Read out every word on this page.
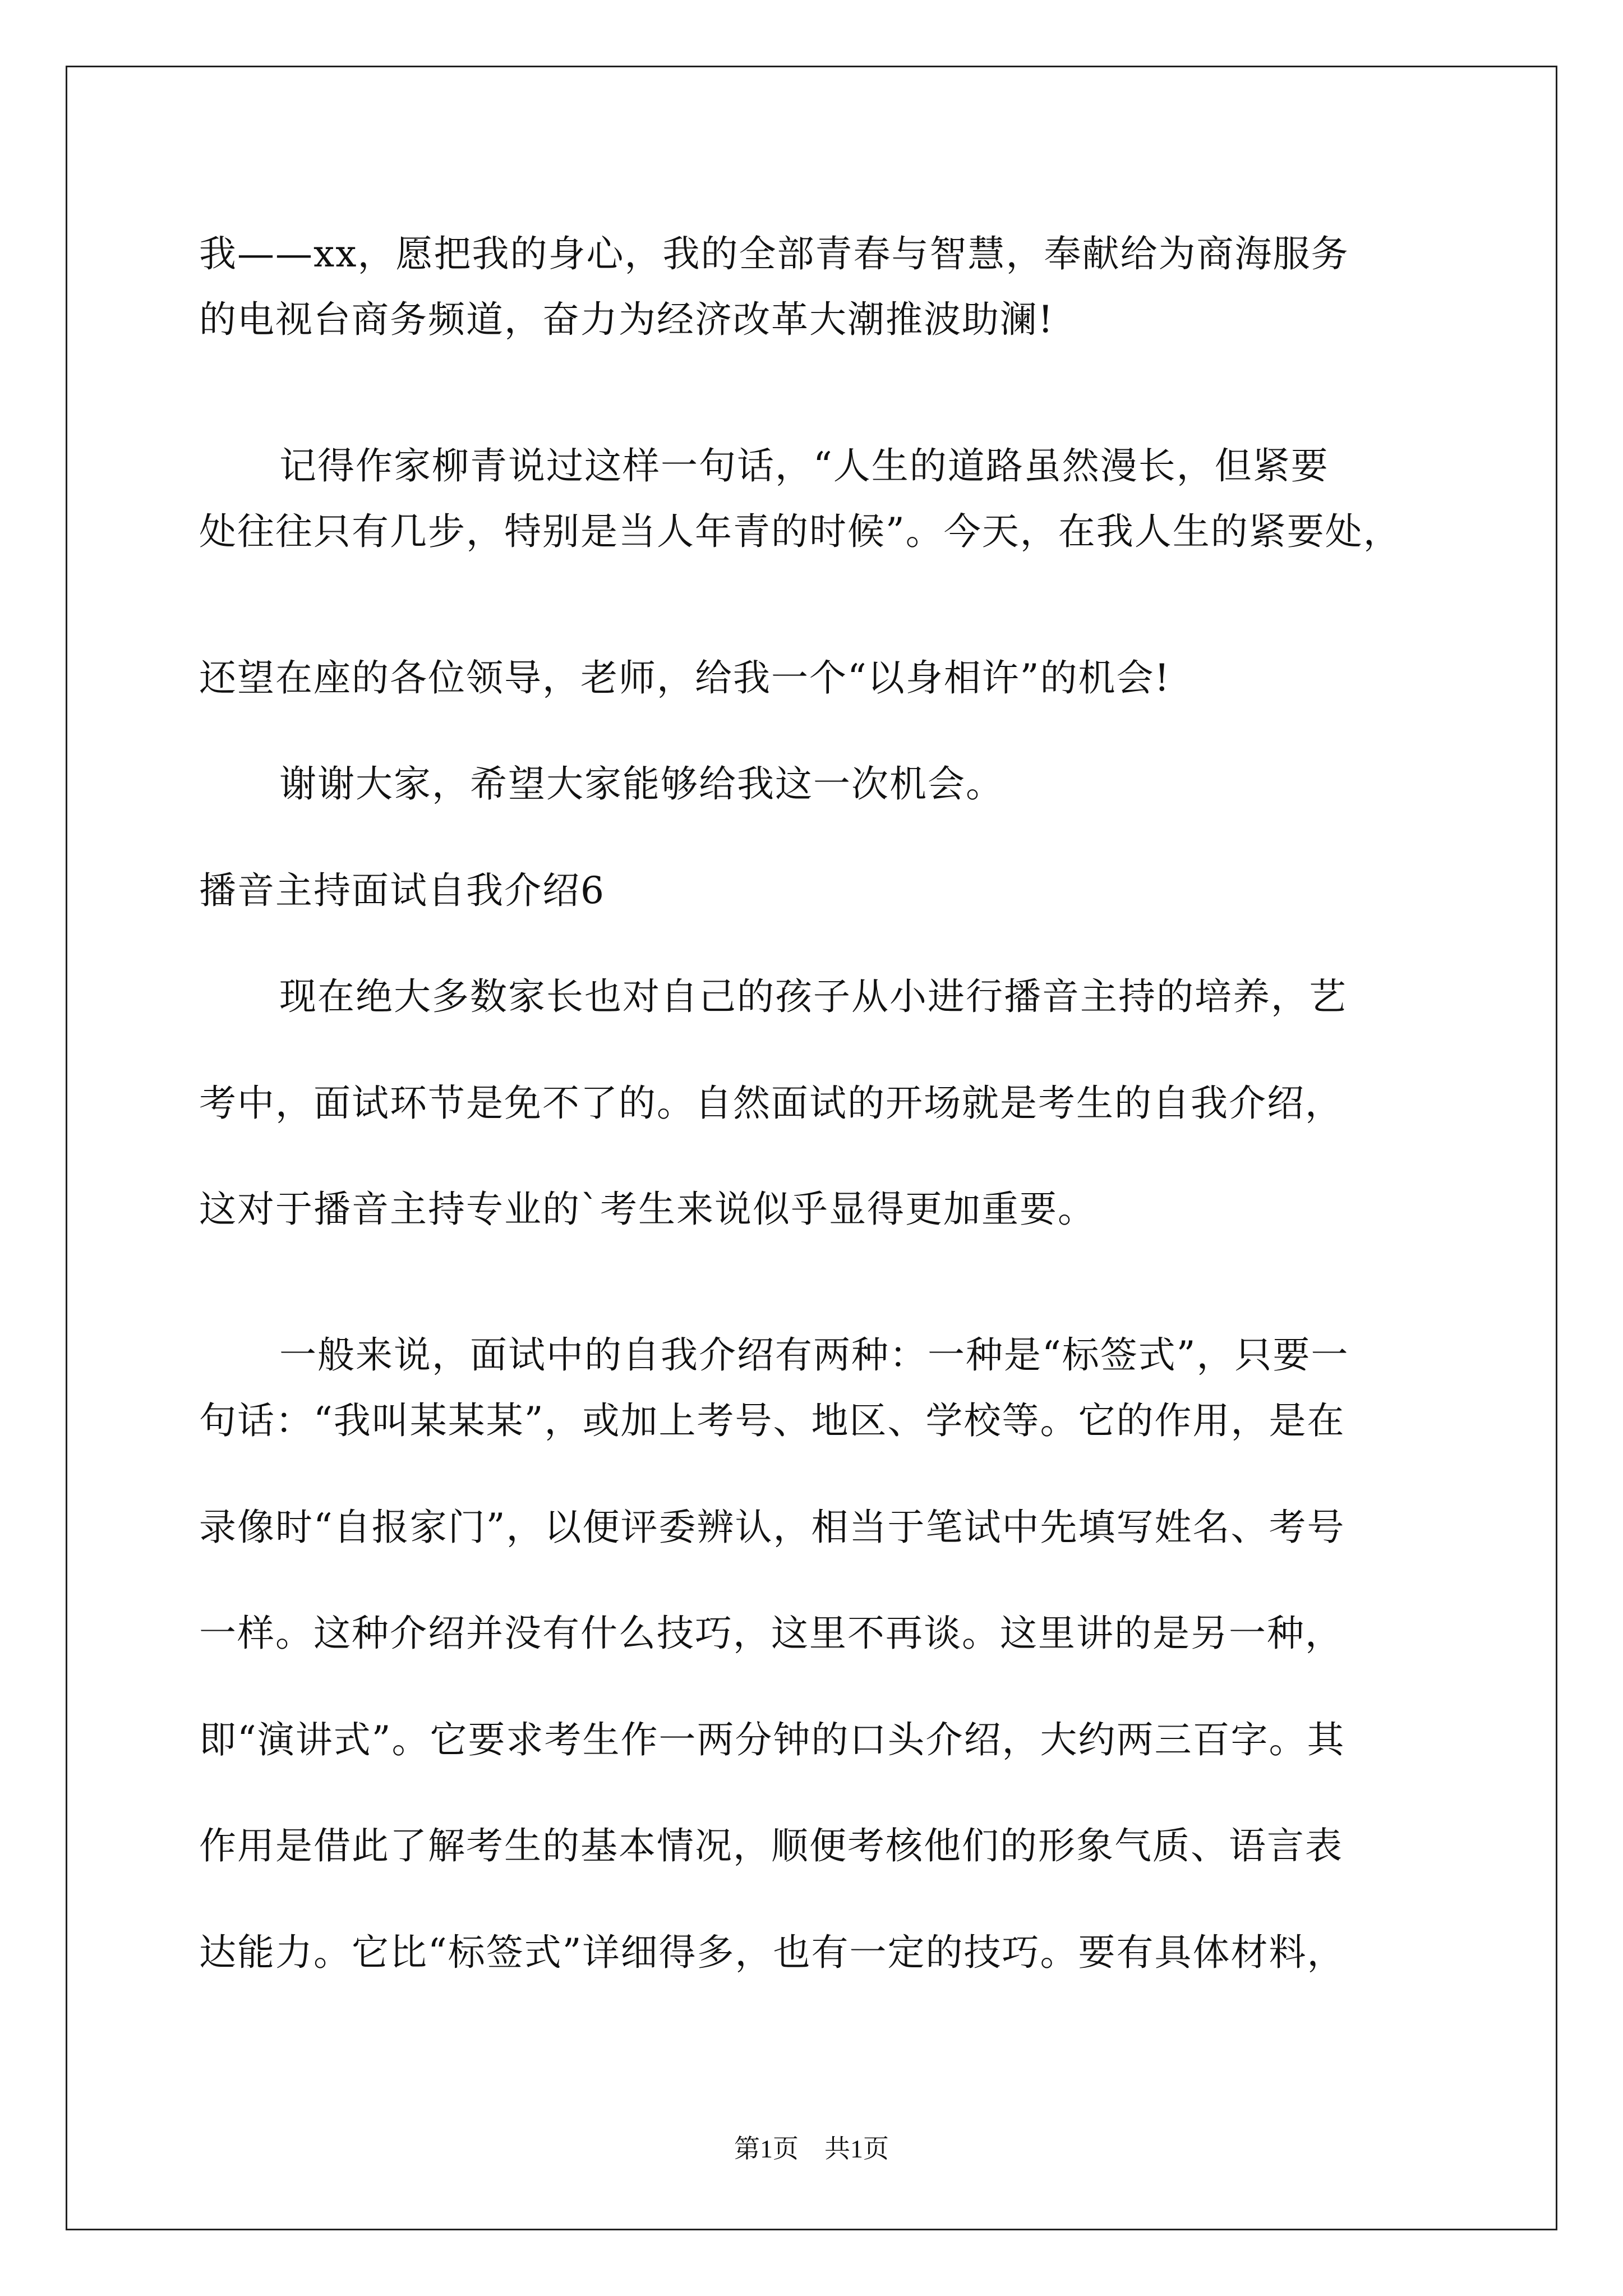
我——xx，愿把我的身心，我的全部青春与智慧，奉献给为商海服务
的电视台商务频道，奋力为经济改革大潮推波助澜!
记得作家柳青说过这样一句话，“人生的道路虽然漫长，但紧要
处往往只有几步，特别是当人年青的时候”。今天，在我人生的紧要处，
还望在座的各位领导，老师，给我一个“以身相许”的机会!
谢谢大家，希望大家能够给我这一次机会。
播音主持面试自我介绍6
现在绝大多数家长也对自己的孩子从小进行播音主持的培养，艺
考中，面试环节是免不了的。自然面试的开场就是考生的自我介绍，
这对于播音主持专业的`考生来说似乎显得更加重要。
一般来说，面试中的自我介绍有两种：一种是“标签式”，只要一
句话：“我叫某某某”，或加上考号、地区、学校等。它的作用，是在
录像时“自报家门”，以便评委辨认，相当于笔试中先填写姓名、考号
一样。这种介绍并没有什么技巧，这里不再谈。这里讲的是另一种，
即“演讲式”。它要求考生作一两分钟的口头介绍，大约两三百字。其
作用是借此了解考生的基本情况，顺便考核他们的形象气质、语言表
达能力。它比“标签式”详细得多，也有一定的技巧。要有具体材料，
第1页　共1页
